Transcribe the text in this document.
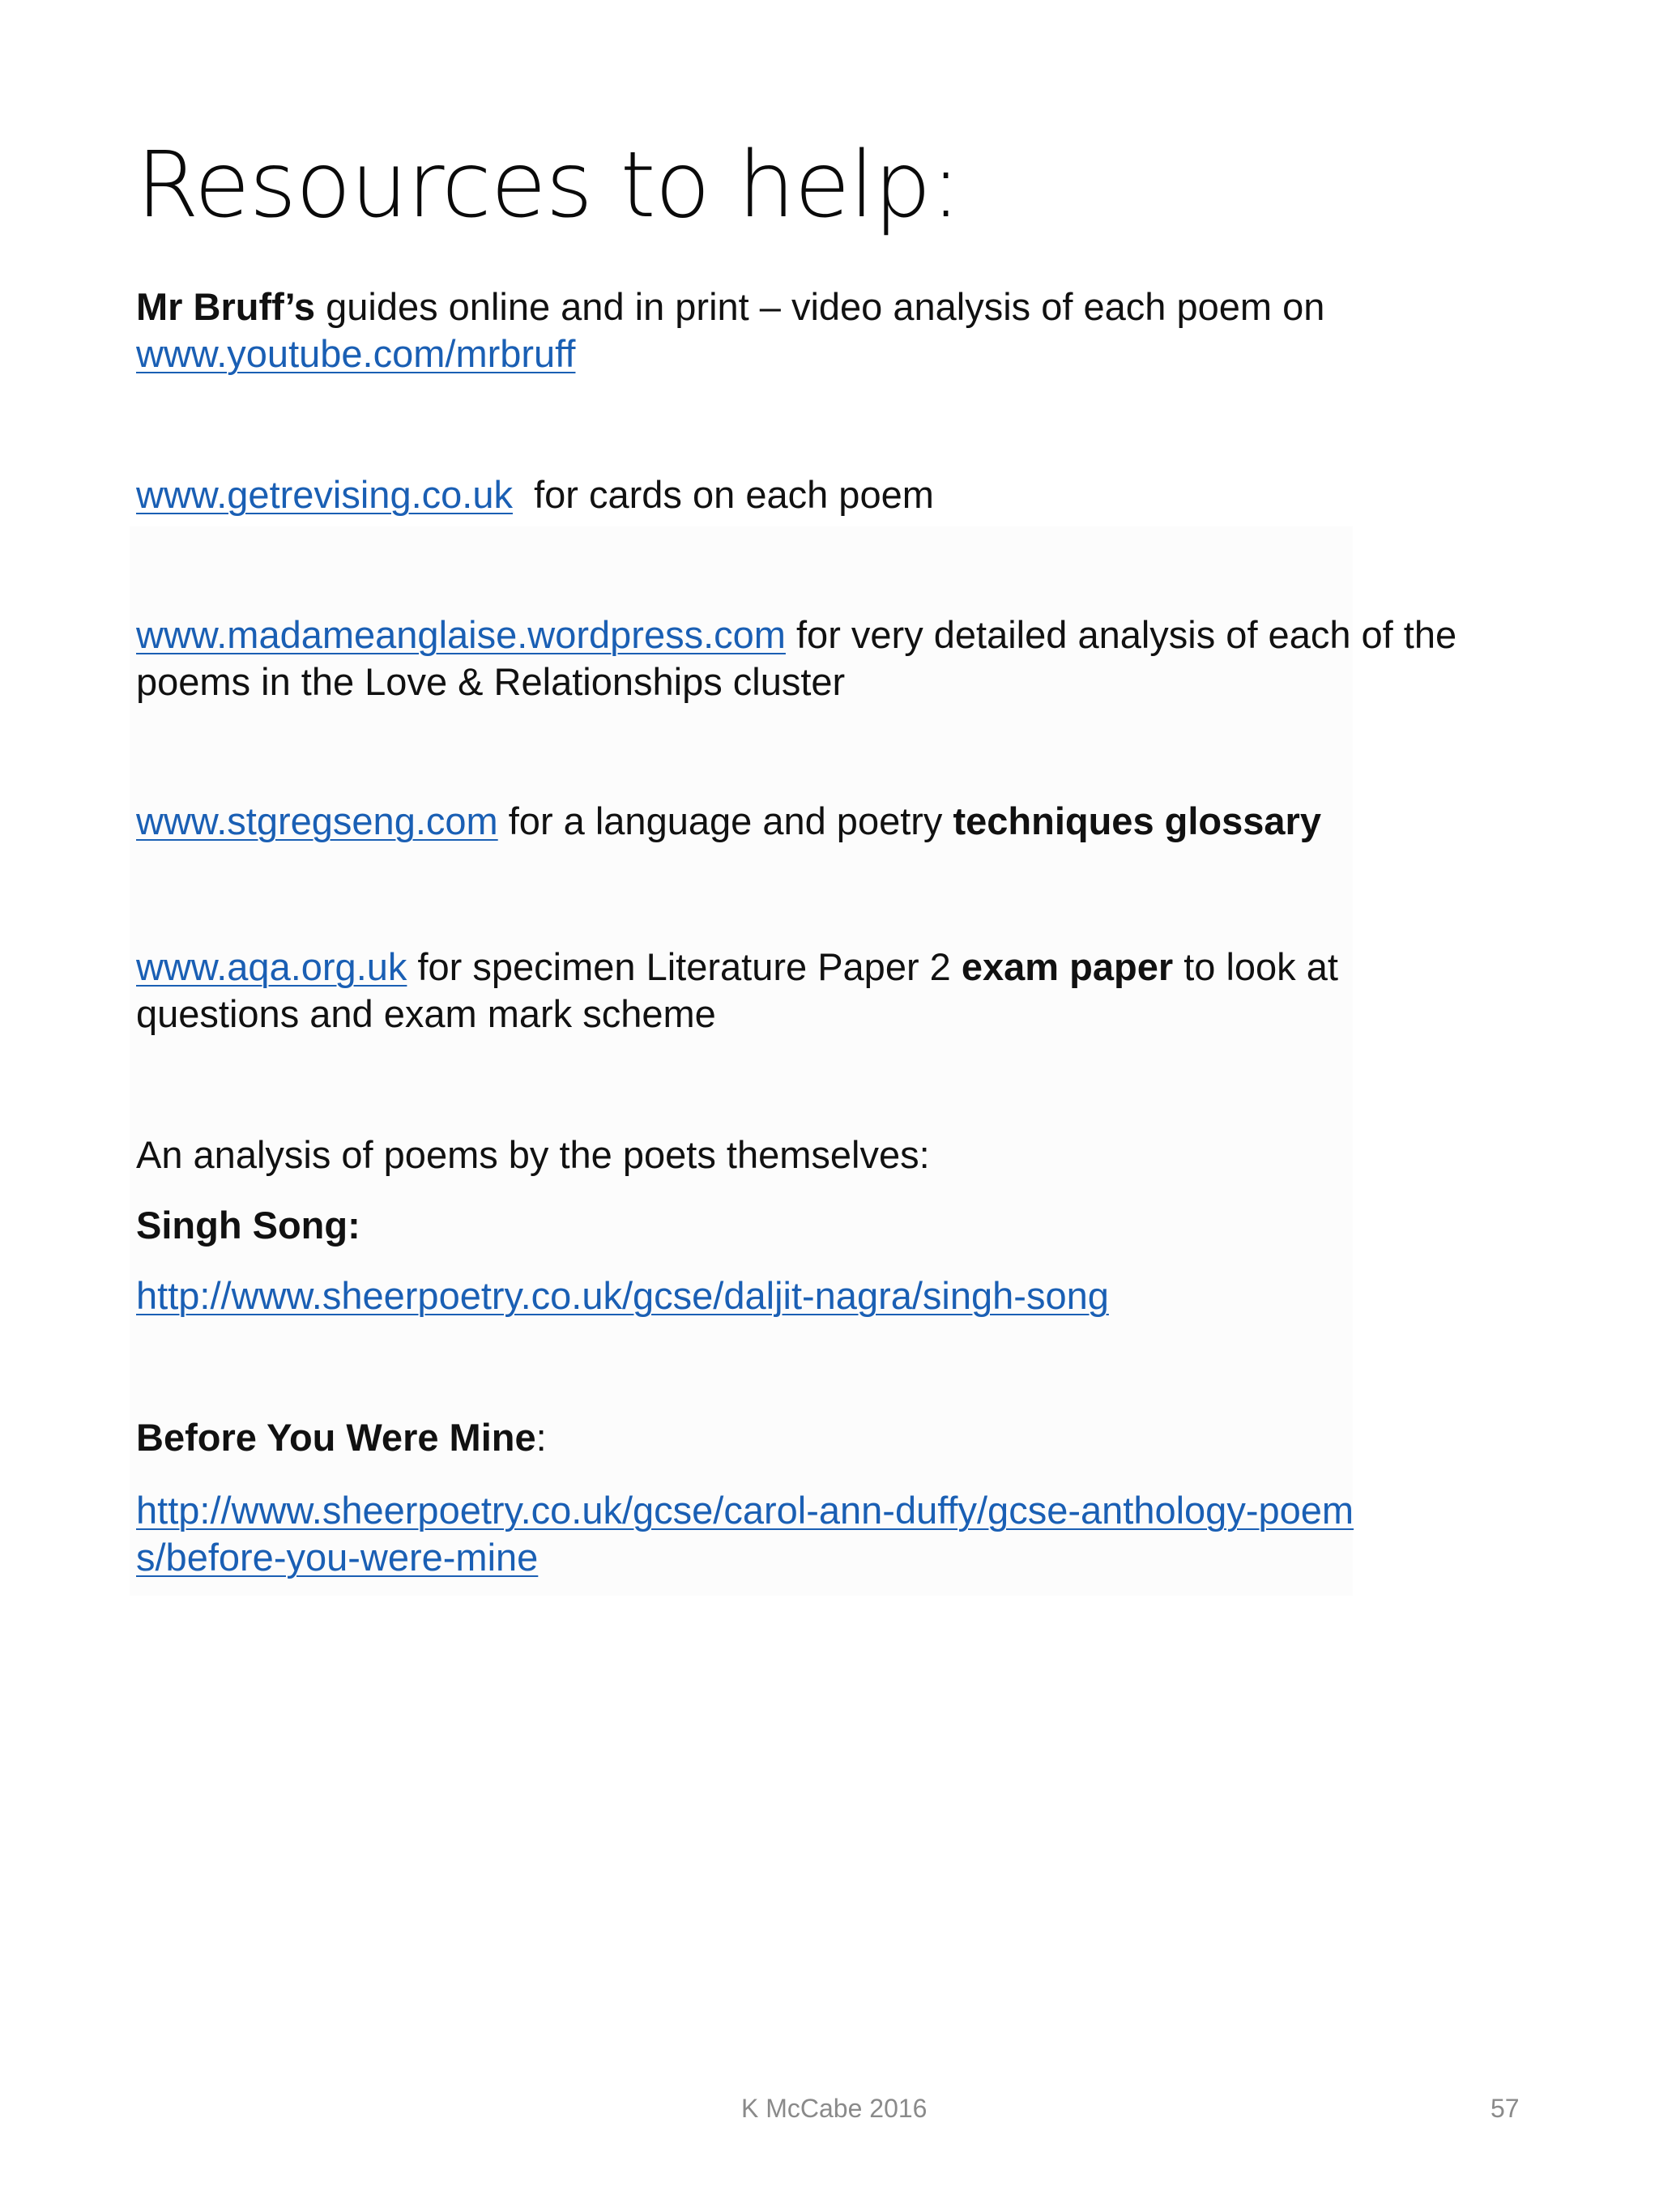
Resources to help:

Mr Bruff’s guides online and in print – video analysis of each poem on
www.youtube.com/mrbruff

www.getrevising.co.uk  for cards on each poem

www.madameanglaise.wordpress.com for very detailed analysis of each of the poems in the Love & Relationships cluster

www.stgregseng.com for a language and poetry techniques glossary

www.aqa.org.uk for specimen Literature Paper 2 exam paper to look at questions and exam mark scheme

An analysis of poems by the poets themselves:

Singh Song:

http://www.sheerpoetry.co.uk/gcse/daljit-nagra/singh-song

Before You Were Mine:

http://www.sheerpoetry.co.uk/gcse/carol-ann-duffy/gcse-anthology-poems/before-you-were-mine

K McCabe 2016	57
